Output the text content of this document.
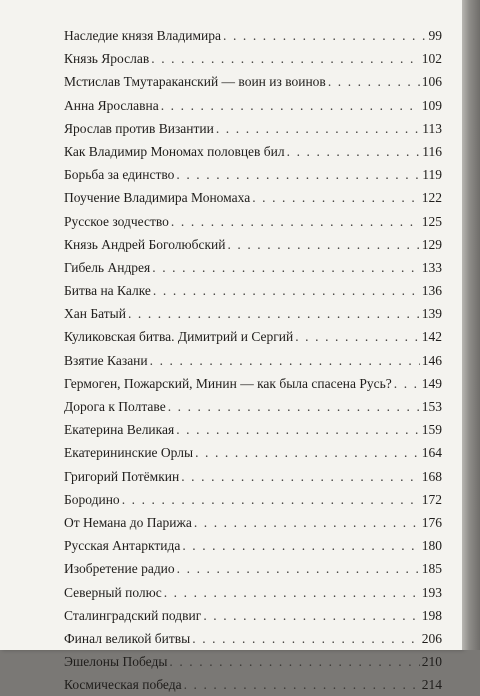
Наследие князя Владимира . . .	99
Князь Ярослав . . .	102
Мстислав Тмутараканский — воин из воинов . . .	106
Анна Ярославна . . .	109
Ярослав против Византии . . .	113
Как Владимир Мономах половцев бил . . .	116
Борьба за единство . . .	119
Поучение Владимира Мономаха . . .	122
Русское зодчество . . .	125
Князь Андрей Боголюбский . . .	129
Гибель Андрея . . .	133
Битва на Калке . . .	136
Хан Батый . . .	139
Куликовская битва. Димитрий и Сергий . . .	142
Взятие Казани . . .	146
Гермоген, Пожарский, Минин — как была спасена Русь? . . . 149
Дорога к Полтаве . . .	153
Екатерина Великая . . .	159
Екатерининские Орлы . . .	164
Григорий Потёмкин . . .	168
Бородино . . .	172
От Немана до Парижа . . .	176
Русская Антарктида . . .	180
Изобретение радио . . .	185
Северный полюс . . .	193
Сталинградский подвиг . . .	198
Финал великой битвы . . .	206
Эшелоны Победы . . .	210
Космическая победа . . .	214
